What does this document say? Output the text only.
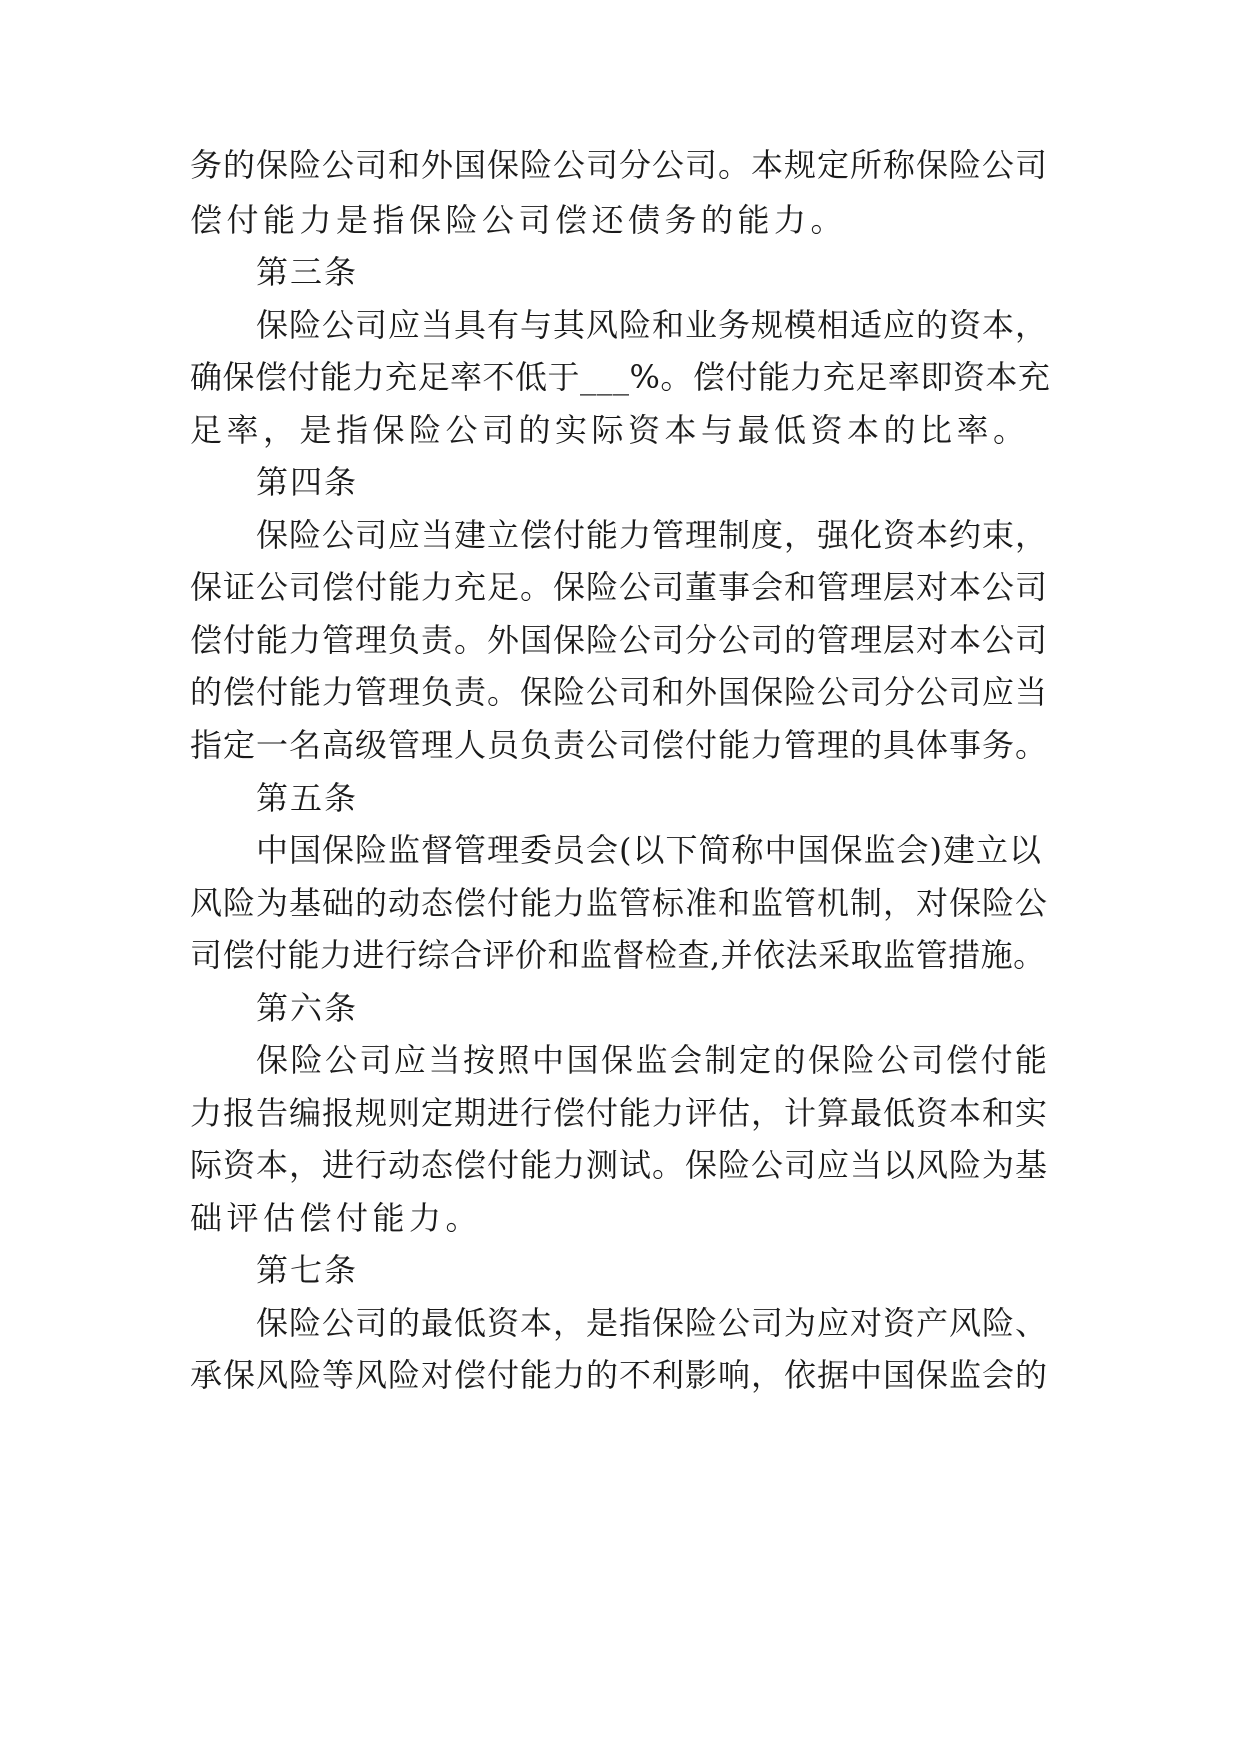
务的保险公司和外国保险公司分公司。本规定所称保险公司
偿付能力是指保险公司偿还债务的能力。
第三条
保险公司应当具有与其风险和业务规模相适应的资本，
确保偿付能力充足率不低于___%。偿付能力充足率即资本充
足率，是指保险公司的实际资本与最低资本的比率。
第四条
保险公司应当建立偿付能力管理制度，强化资本约束，
保证公司偿付能力充足。保险公司董事会和管理层对本公司
偿付能力管理负责。外国保险公司分公司的管理层对本公司
的偿付能力管理负责。保险公司和外国保险公司分公司应当
指定一名高级管理人员负责公司偿付能力管理的具体事务。
第五条
中国保险监督管理委员会(以下简称中国保监会)建立以
风险为基础的动态偿付能力监管标准和监管机制，对保险公
司偿付能力进行综合评价和监督检查,并依法采取监管措施。
第六条
保险公司应当按照中国保监会制定的保险公司偿付能
力报告编报规则定期进行偿付能力评估，计算最低资本和实
际资本，进行动态偿付能力测试。保险公司应当以风险为基
础评估偿付能力。
第七条
保险公司的最低资本，是指保险公司为应对资产风险、
承保风险等风险对偿付能力的不利影响，依据中国保监会的
